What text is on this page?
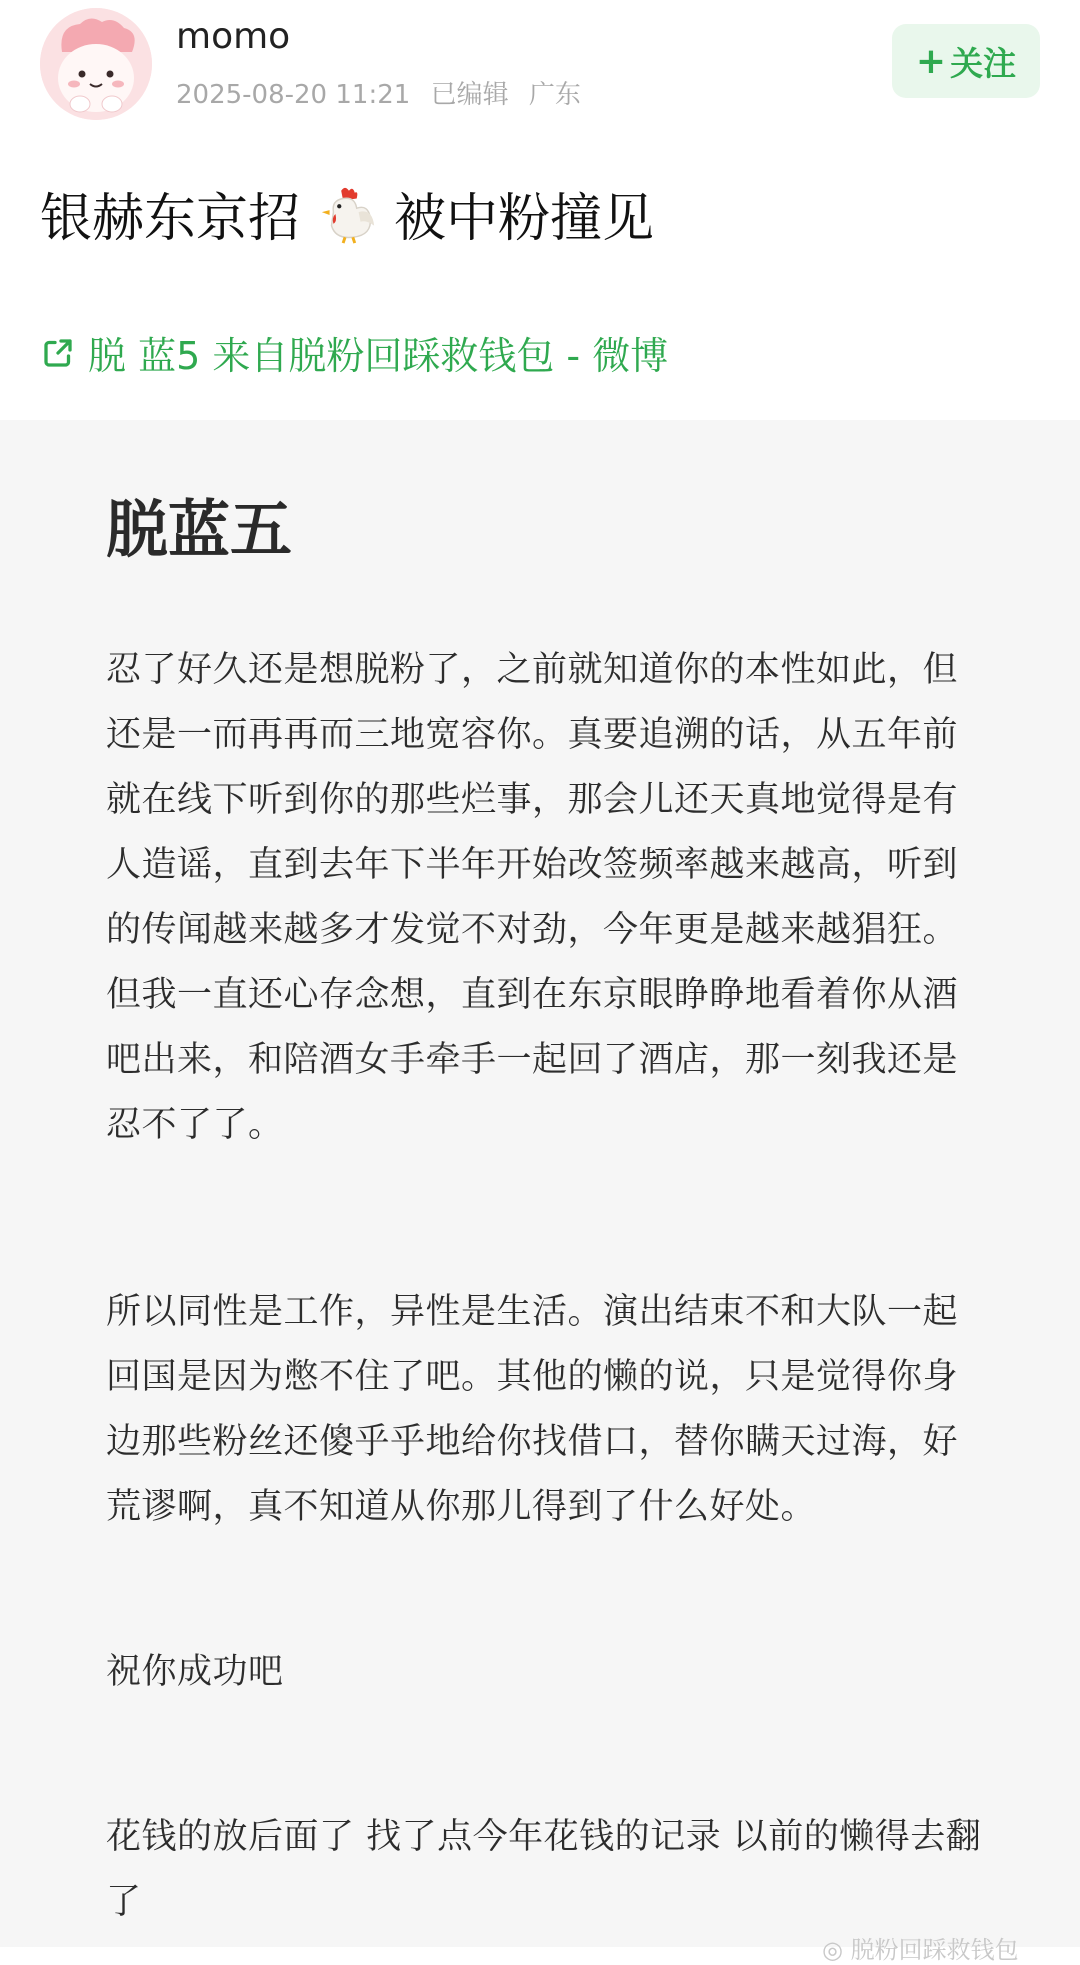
momo
2025-08-20 11:21 已编辑 广东
+ 关注
银赫东京招 被中粉撞见
脱 蓝5 来自脱粉回踩救钱包 - 微博
脱蓝五
忍了好久还是想脱粉了，之前就知道你的本性如此，但还是一而再再而三地宽容你。真要追溯的话，从五年前就在线下听到你的那些烂事，那会儿还天真地觉得是有人造谣，直到去年下半年开始改签频率越来越高，听到的传闻越来越多才发觉不对劲，今年更是越来越猖狂。但我一直还心存念想，直到在东京眼睁睁地看着你从酒吧出来，和陪酒女手牵手一起回了酒店，那一刻我还是忍不了了。
所以同性是工作，异性是生活。演出结束不和大队一起回国是因为憋不住了吧。其他的懒的说，只是觉得你身边那些粉丝还傻乎乎地给你找借口，替你瞒天过海，好荒谬啊，真不知道从你那儿得到了什么好处。
祝你成功吧
花钱的放后面了 找了点今年花钱的记录 以前的懒得去翻了
◎ 脱粉回踩救钱包
